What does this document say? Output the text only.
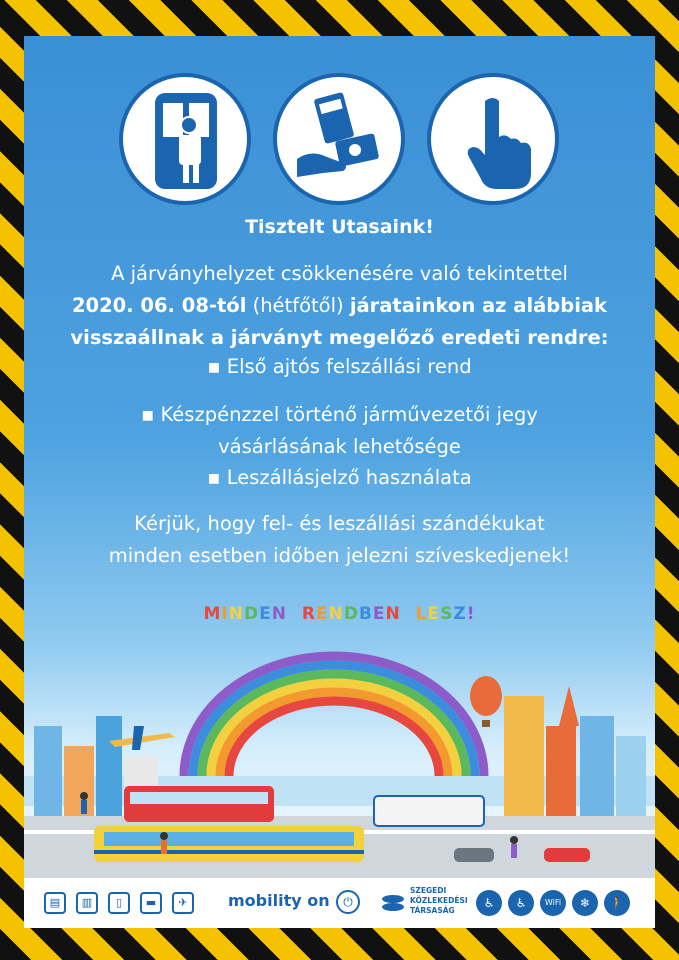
Tisztelt Utasaink!
A járványhelyzet csökkenésére való tekintettel
2020. 06. 08-tól (hétfőtől) járatainkon az alábbiak
visszaállnak a járványt megelőző eredeti rendre:
▪ Első ajtós felszállási rend
▪ Készpénzzel történő járművezetői jegy
vásárlásának lehetősége
▪ Leszállásjelző használata
Kérjük, hogy fel- és leszállási szándékukat
minden esetben időben jelezni szíveskedjenek!
MINDEN RENDBEN LESZ!
▤	▥	▯	▬	✈	mobility on	⏻
SZEGEDI
KÖZLEKEDÉSI
TÁRSASÁG
♿	♿	WiFi	❄	🚶
